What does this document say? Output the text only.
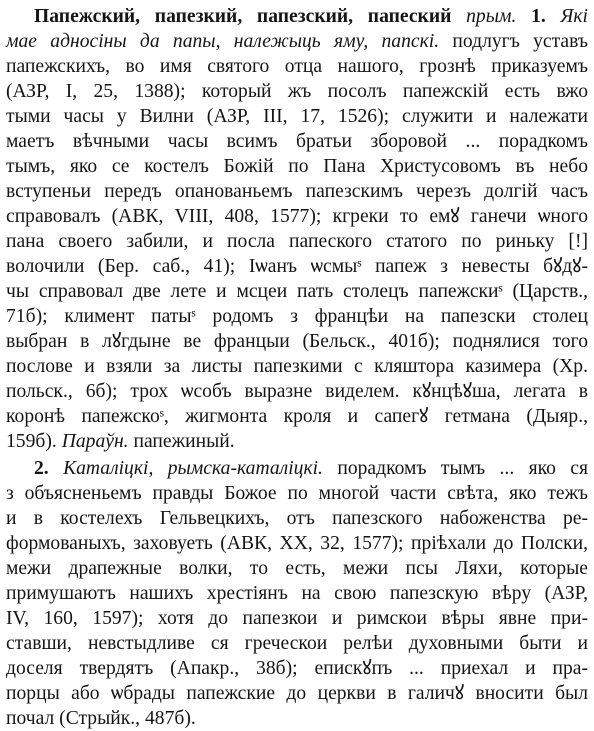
Папежский, папезкий, папезский, папеский прым. 1. Які
мае адносіны да папы, належыць яму, папскі. подлугъ уставъ
папежскихъ, во имя святого отца нашого, грознѣ приказуемъ
(АЗР, І, 25, 1388); который жъ посолъ папежскій есть вжо
тыми часы у Вилни (АЗР, ІІІ, 17, 1526); служити и належати
маетъ вѣчными часы всимъ братьи зборовой ... порадкомъ
тымъ, яко се костелъ Божій по Пана Христусовомъ въ небо
вступеньи передъ опанованьемъ папезскимъ черезъ долгій часъ
справовалъ (АВК, VIII, 408, 1577); кгреки то емꙋ ганечи ѡного
пана своего забили, и посла папеского статого по риньку [!]
волочили (Бер. саб., 41); Іѡанъ ѡсмыˢ папеж з невесты бꙋдꙋ-
чы справовал две лете и мсцеи пать столецъ папежскиˢ (Царств.,
71б); климент патыˢ родомъ з францѣи на папезски столец
выбран в лꙋгдыне ве францыи (Бельск., 401б); поднялися того
послове и взяли за листы папезкими с кляштора казимера (Хр.
польск., 6б); трох ѡсобъ выразне виделем. кꙋнцѣꙋша, легата в
коронѣ папежскоˢ, жигмонта кроля и сапегꙋ гетмана (Дыяр.,
159б). Параўн. папежиный.
2. Каталіцкі, рымска-каталіцкі. порадкомъ тымъ ... яко ся
з объясненьемъ правды Божое по многой части свѣта, яко тежъ
и в костелехъ Гельвецкихъ, отъ папезского набоженства ре-
формованыхъ, заховуеть (АВК, XX, 32, 1577); пріѣхали до Полски,
межи драпежные волки, то есть, межи псы Ляхи, которые
примушаютъ нашихъ хрестіянъ на свою папезскую вѣру (АЗР,
IV, 160, 1597); хотя до папезкои и римскои вѣры явне при-
ставши, невстыдливе ся греческои релѣи духовными быти и
доселя твердятъ (Апакр., 38б); епискꙋпъ ... приехал и пра-
порцы або ѡбрады папежские до церкви в галичꙋ вносити был
почал (Стрыйк., 487б).
